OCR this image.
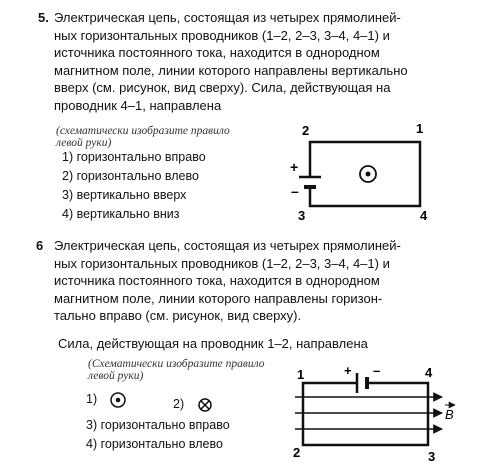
5. Электрическая цепь, состоящая из четырех прямолиней-
ных горизонтальных проводников (1–2, 2–3, 3–4, 4–1) и
источника постоянного тока, находится в однородном
магнитном поле, линии которого направлены вертикально
вверх (см. рисунок, вид сверху). Сила, действующая на
проводник 4–1, направлена
(схематически изобразите правило
левой руки)
1) горизонтально вправо
2) горизонтально влево
3) вертикально вверх
4) вертикально вниз
2	1
3	4
+
–
6 Электрическая цепь, состоящая из четырех прямолиней-
ных горизонтальных проводников (1–2, 2–3, 3–4, 4–1) и
источника постоянного тока, находится в однородном
магнитном поле, линии которого направлены горизон-
тально вправо (см. рисунок, вид сверху).
Сила, действующая на проводник 1–2, направлена
(Схематически изобразите правило
левой руки)
1)	2)
3) горизонтально вправо
4) горизонтально влево
1	4
2	3
+ –
B
